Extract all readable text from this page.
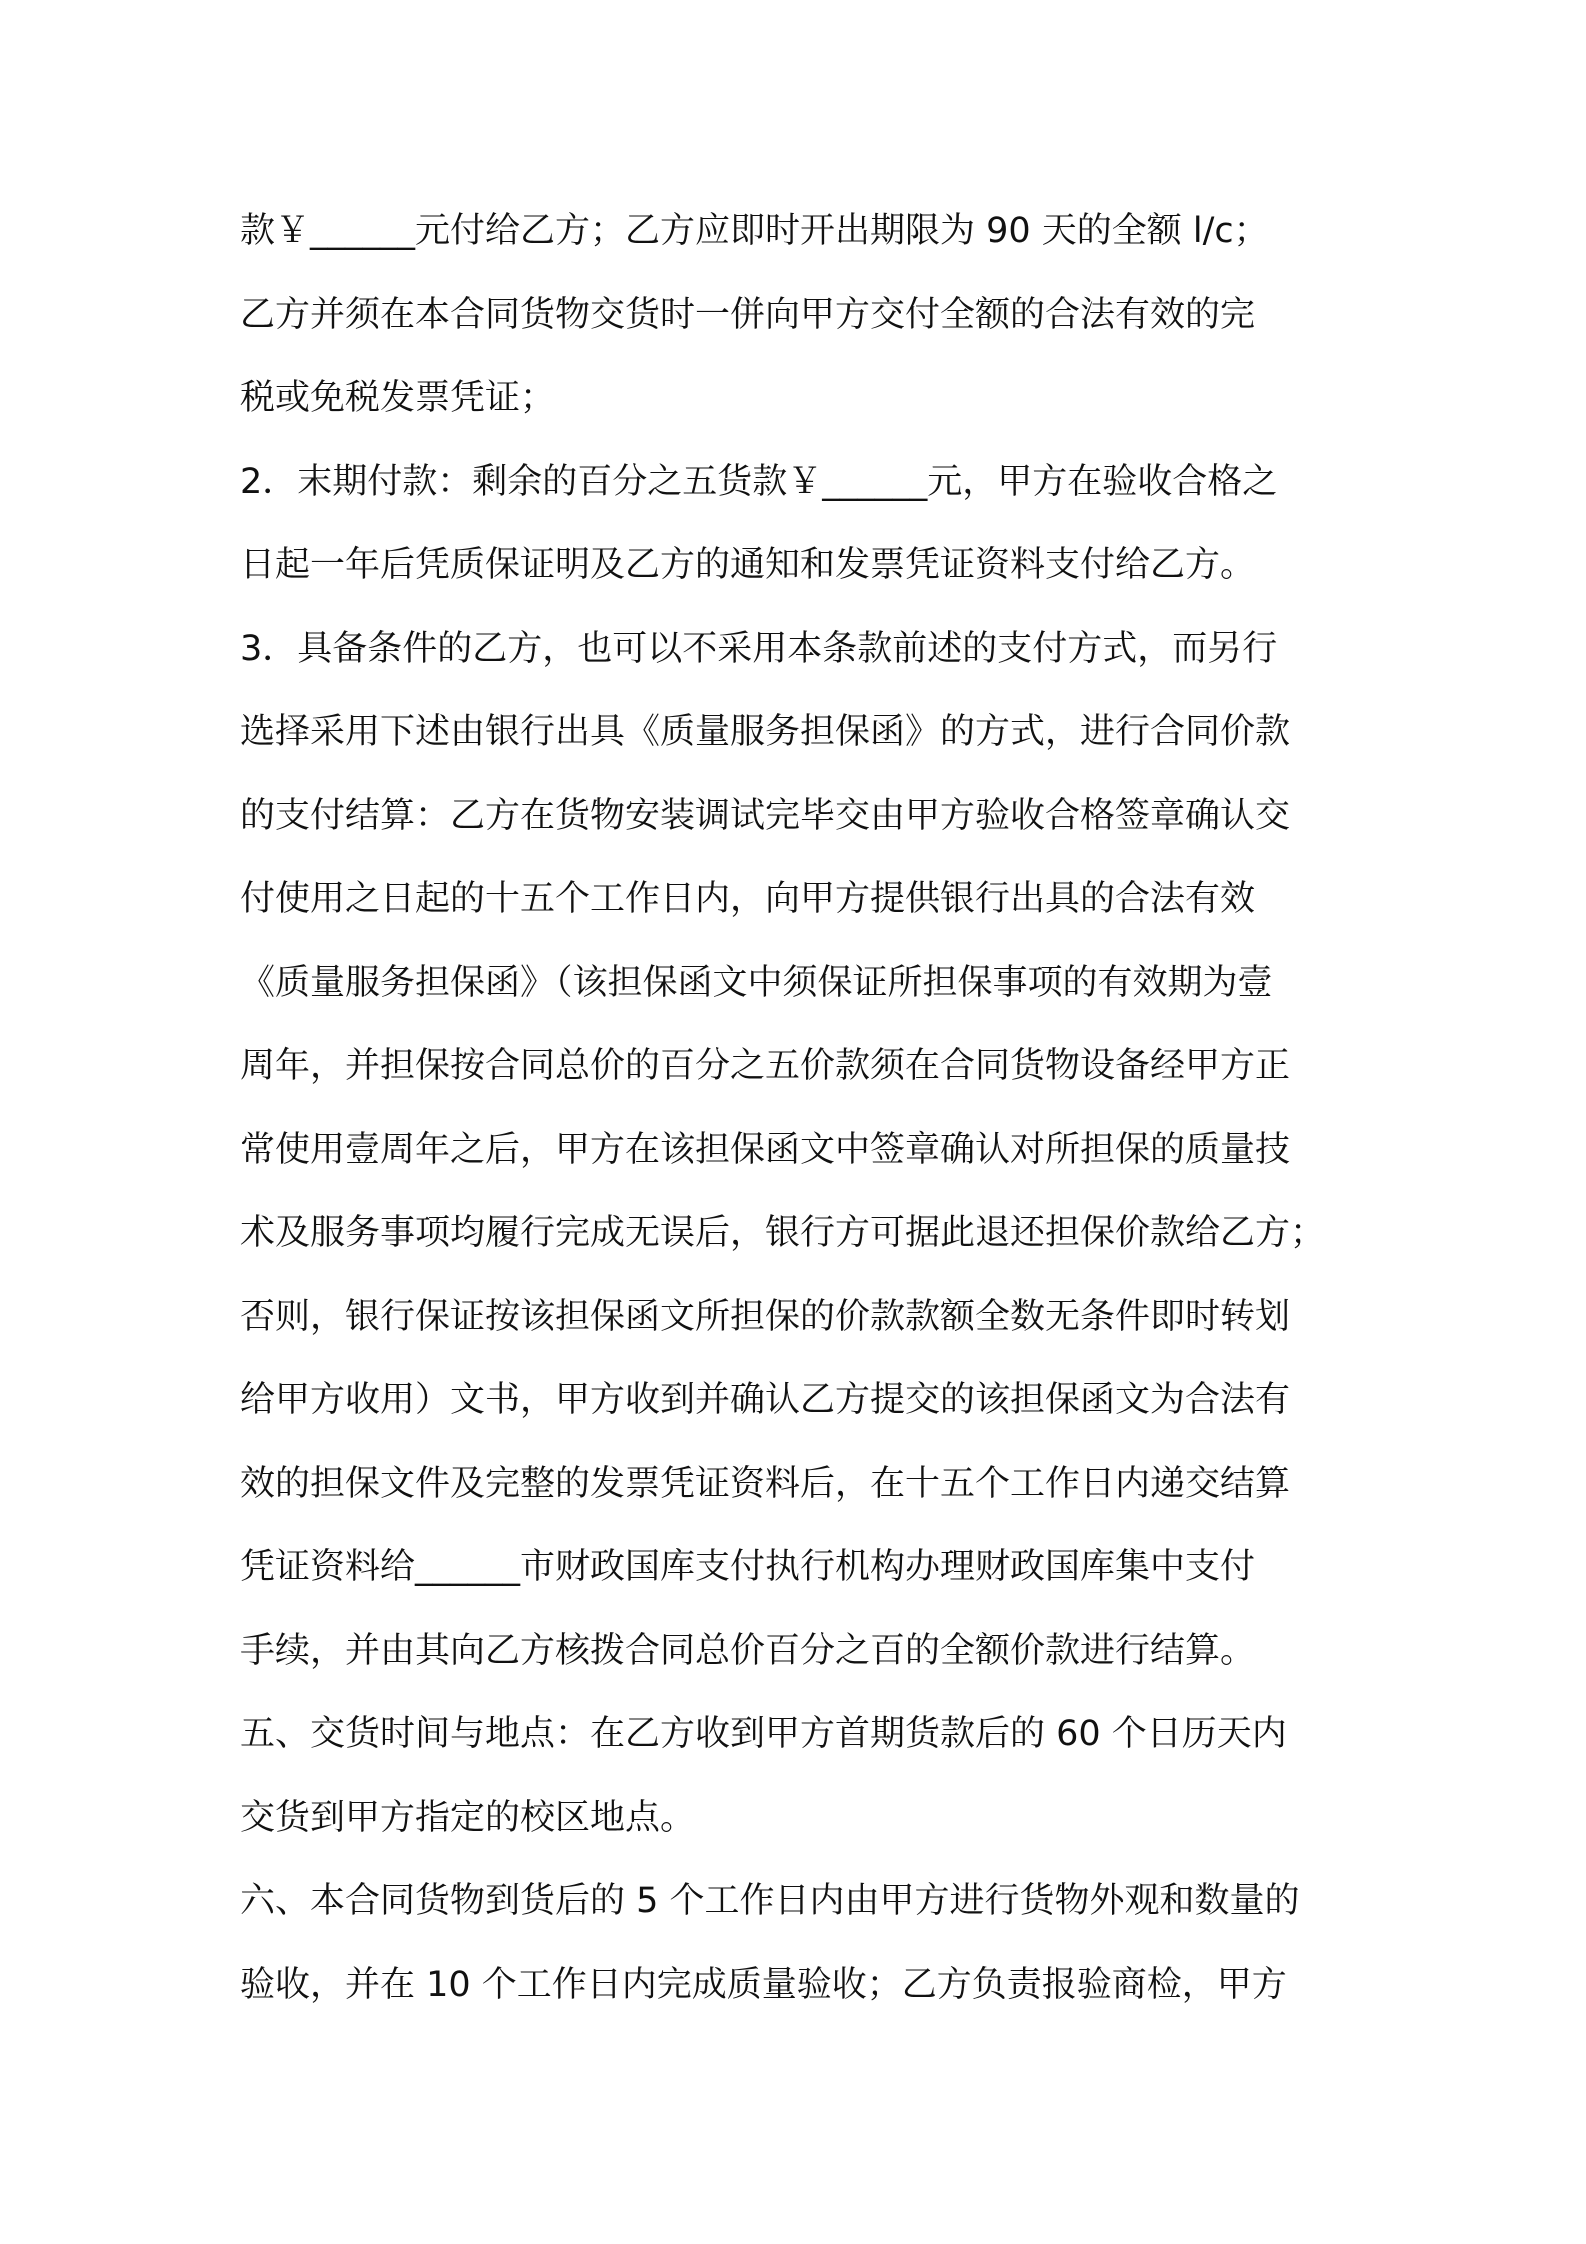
款￥______元付给乙方；乙方应即时开出期限为 90 天的全额 l/c；
乙方并须在本合同货物交货时一併向甲方交付全额的合法有效的完
税或免税发票凭证；
2．末期付款：剩余的百分之五货款￥______元，甲方在验收合格之
日起一年后凭质保证明及乙方的通知和发票凭证资料支付给乙方。
3．具备条件的乙方，也可以不采用本条款前述的支付方式，而另行
选择采用下述由银行出具《质量服务担保函》的方式，进行合同价款
的支付结算：乙方在货物安装调试完毕交由甲方验收合格签章确认交
付使用之日起的十五个工作日内，向甲方提供银行出具的合法有效
《质量服务担保函》（该担保函文中须保证所担保事项的有效期为壹
周年，并担保按合同总价的百分之五价款须在合同货物设备经甲方正
常使用壹周年之后，甲方在该担保函文中签章确认对所担保的质量技
术及服务事项均履行完成无误后，银行方可据此退还担保价款给乙方；
否则，银行保证按该担保函文所担保的价款款额全数无条件即时转划
给甲方收用）文书，甲方收到并确认乙方提交的该担保函文为合法有
效的担保文件及完整的发票凭证资料后，在十五个工作日内递交结算
凭证资料给______市财政国库支付执行机构办理财政国库集中支付
手续，并由其向乙方核拨合同总价百分之百的全额价款进行结算。
五、交货时间与地点：在乙方收到甲方首期货款后的 60 个日历天内
交货到甲方指定的校区地点。
六、本合同货物到货后的 5 个工作日内由甲方进行货物外观和数量的
验收，并在 10 个工作日内完成质量验收；乙方负责报验商检，甲方
